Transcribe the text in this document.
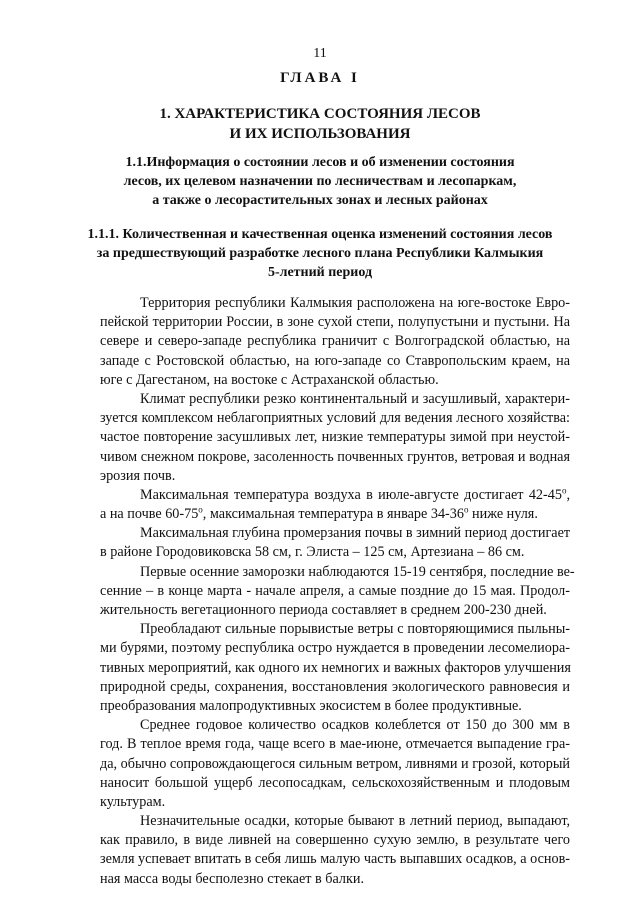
11
ГЛАВА I
1. ХАРАКТЕРИСТИКА СОСТОЯНИЯ ЛЕСОВ
И ИХ ИСПОЛЬЗОВАНИЯ
1.1.Информация о состоянии лесов и об изменении состояния
лесов, их целевом назначении по лесничествам и лесопаркам,
а также о лесорастительных зонах и лесных районах
1.1.1. Количественная и качественная оценка изменений состояния лесов
за предшествующий разработке лесного плана Республики Калмыкия
5-летний период
Территория республики Калмыкия расположена на юге-востоке Евро-
пейской территории России, в зоне сухой степи, полупустыни и пустыни. На
севере и северо-западе республика граничит с Волгоградской областью, на
западе с Ростовской областью, на юго-западе со Ставропольским краем, на
юге с Дагестаном, на востоке с Астраханской областью.
Климат республики резко континентальный и засушливый, характери-
зуется комплексом неблагоприятных условий для ведения лесного хозяйства:
частое повторение засушливых лет, низкие температуры зимой при неустой-
чивом снежном покрове, засоленность почвенных грунтов, ветровая и водная
эрозия почв.
Максимальная температура воздуха в июле-августе достигает 42-45$^o$,
а на почве 60-75$^o$, максимальная температура в январе 34-36$^o$ ниже нуля.
Максимальная глубина промерзания почвы в зимний период достигает
в районе Городовиковска 58 см, г. Элиста – 125 см, Артезиана – 86 см.
Первые осенние заморозки наблюдаются 15-19 сентября, последние ве-
сенние – в конце марта - начале апреля, а самые поздние до 15 мая. Продол-
жительность вегетационного периода составляет в среднем 200-230 дней.
Преобладают сильные порывистые ветры с повторяющимися пыльны-
ми бурями, поэтому республика остро нуждается в проведении лесомелиора-
тивных мероприятий, как одного их немногих и важных факторов улучшения
природной среды, сохранения, восстановления экологического равновесия и
преобразования малопродуктивных экосистем в более продуктивные.
Среднее годовое количество осадков колеблется от 150 до 300 мм в
год. В теплое время года, чаще всего в мае-июне, отмечается выпадение гра-
да, обычно сопровождающегося сильным ветром, ливнями и грозой, который
наносит большой ущерб лесопосадкам, сельскохозяйственным и плодовым
культурам.
Незначительные осадки, которые бывают в летний период, выпадают,
как правило, в виде ливней на совершенно сухую землю, в результате чего
земля успевает впитать в себя лишь малую часть выпавших осадков, а основ-
ная масса воды бесполезно стекает в балки.
